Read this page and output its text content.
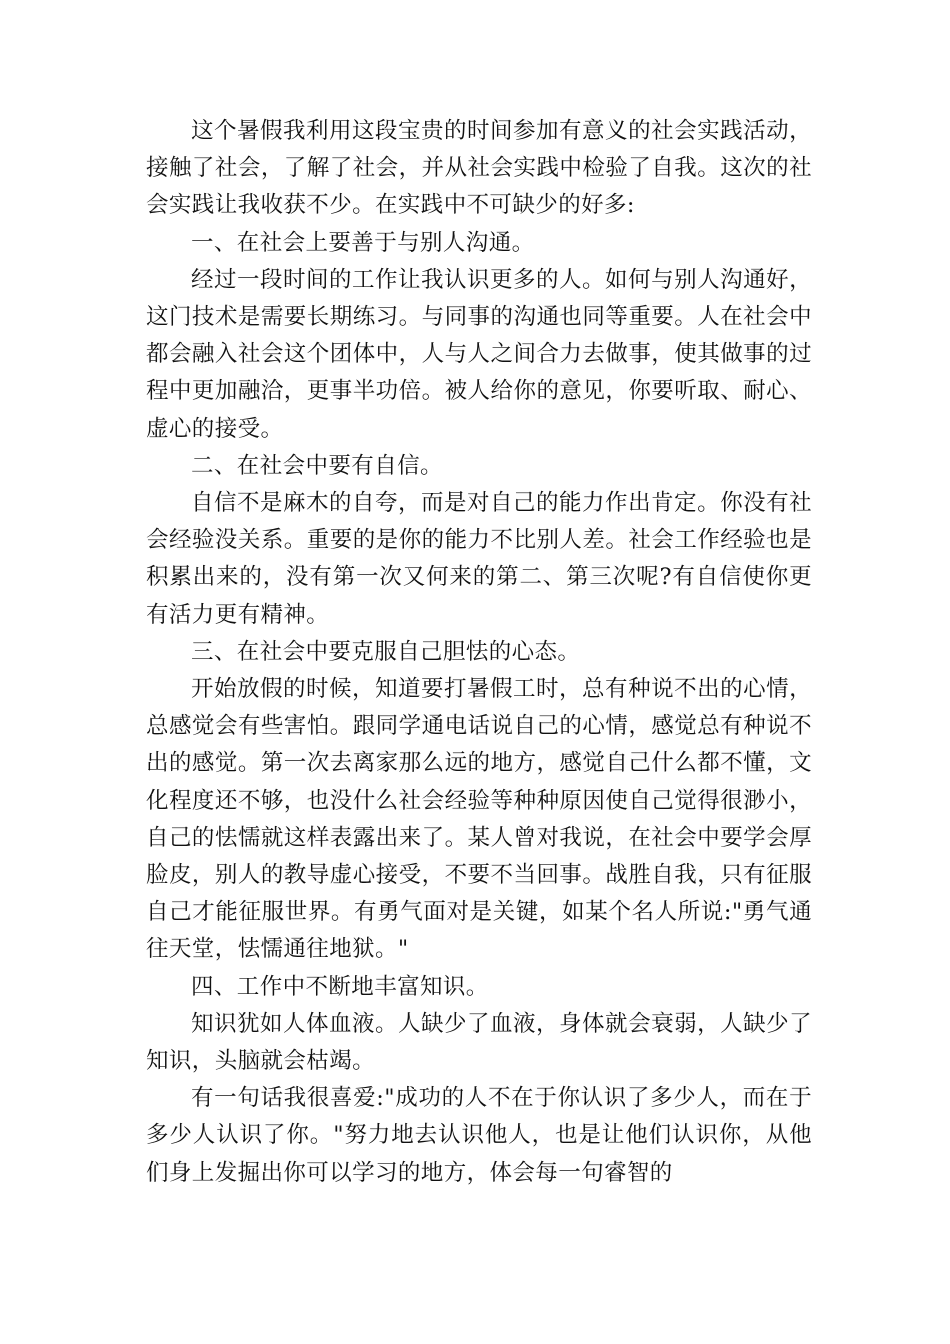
这个暑假我利用这段宝贵的时间参加有意义的社会实践活动，接触了社会，了解了社会，并从社会实践中检验了自我。这次的社会实践让我收获不少。在实践中不可缺少的好多:

一、在社会上要善于与别人沟通。

经过一段时间的工作让我认识更多的人。如何与别人沟通好，这门技术是需要长期练习。与同事的沟通也同等重要。人在社会中都会融入社会这个团体中，人与人之间合力去做事，使其做事的过程中更加融洽，更事半功倍。被人给你的意见，你要听取、耐心、虚心的接受。

二、在社会中要有自信。

自信不是麻木的自夸，而是对自己的能力作出肯定。你没有社会经验没关系。重要的是你的能力不比别人差。社会工作经验也是积累出来的，没有第一次又何来的第二、第三次呢?有自信使你更有活力更有精神。

三、在社会中要克服自己胆怯的心态。

开始放假的时候，知道要打暑假工时，总有种说不出的心情，总感觉会有些害怕。跟同学通电话说自己的心情，感觉总有种说不出的感觉。第一次去离家那么远的地方，感觉自己什么都不懂，文化程度还不够，也没什么社会经验等种种原因使自己觉得很渺小，自己的怯懦就这样表露出来了。某人曾对我说，在社会中要学会厚脸皮，别人的教导虚心接受，不要不当回事。战胜自我，只有征服自己才能征服世界。有勇气面对是关键，如某个名人所说:"勇气通往天堂，怯懦通往地狱。"

四、工作中不断地丰富知识。

知识犹如人体血液。人缺少了血液，身体就会衰弱，人缺少了知识，头脑就会枯竭。

有一句话我很喜爱:"成功的人不在于你认识了多少人，而在于多少人认识了你。"努力地去认识他人，也是让他们认识你，从他们身上发掘出你可以学习的地方，体会每一句睿智的
